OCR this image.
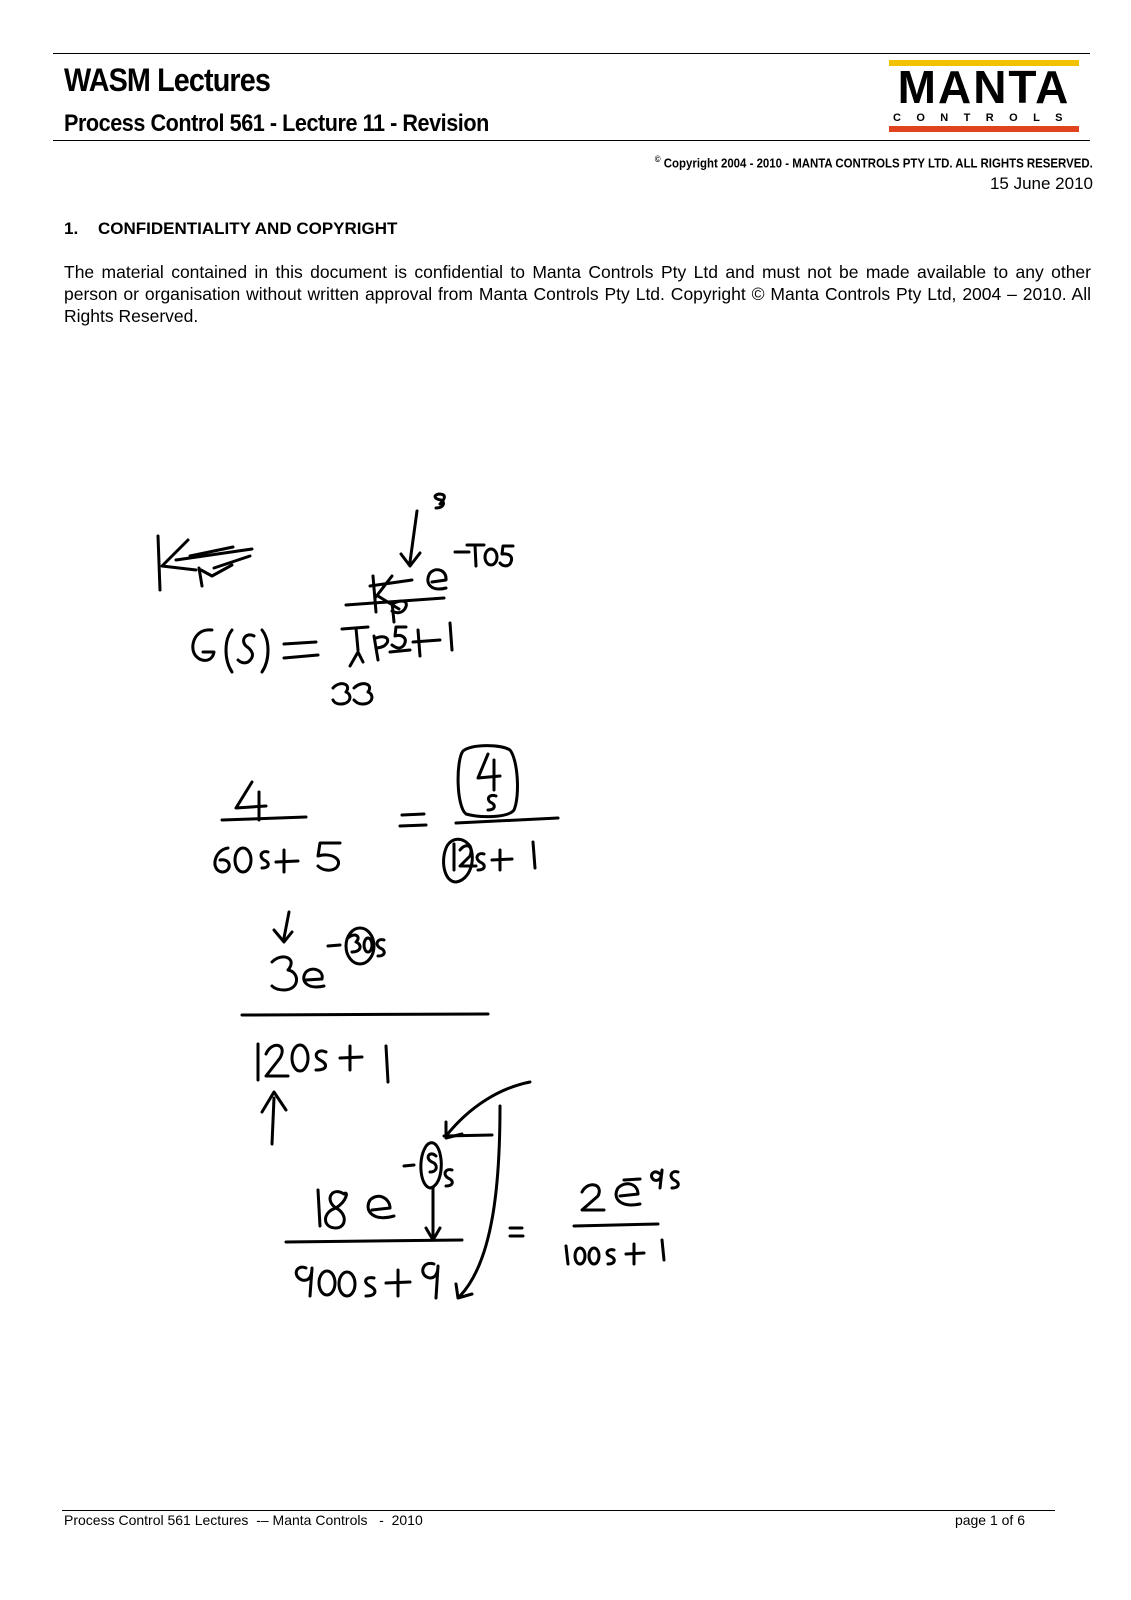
WASM Lectures
Process Control 561 - Lecture 11 - Revision
MANTA
CONTROLS
© Copyright 2004 - 2010 - MANTA CONTROLS PTY LTD. ALL RIGHTS RESERVED.
15 June 2010
1. CONFIDENTIALITY AND COPYRIGHT
The material contained in this document is confidential to Manta Controls Pty Ltd and must not be made available to any other person or organisation without written approval from Manta Controls Pty Ltd. Copyright © Manta Controls Pty Ltd, 2004 – 2010. All Rights Reserved.
Process Control 561 Lectures  -– Manta Controls   -  2010	page 1 of 6
